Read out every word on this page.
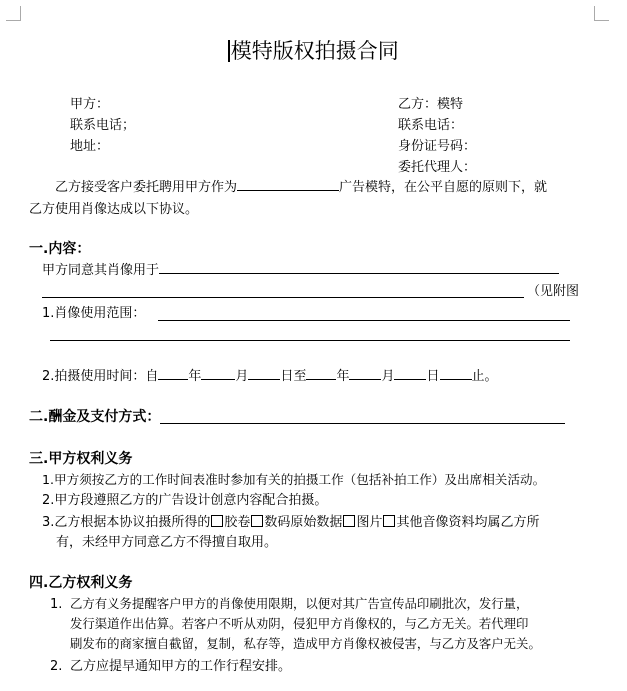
模特版权拍摄合同
甲方：
联系电话；
地址：
乙方：模特
联系电话：
身份证号码：
委托代理人：
乙方接受客户委托聘用甲方作为	广告模特，在公平自愿的原则下，就
乙方使用肖像达成以下协议。
一.内容：
甲方同意其肖像用于
（见附图
1.肖像使用范围：
2.拍摄使用时间：自 年	月 日至 年 月 日 止。
二.酬金及支付方式：
三.甲方权利义务
1.甲方须按乙方的工作时间表准时参加有关的拍摄工作（包括补拍工作）及出席相关活动。
2.甲方段遵照乙方的广告设计创意内容配合拍摄。
3.乙方根据本协议拍摄所得的 胶卷 数码原始数据 图片 其他音像资料均属乙方所
有，未经甲方同意乙方不得擅自取用。
四.乙方权利义务
1. 乙方有义务提醒客户甲方的肖像使用限期，以便对其广告宣传品印刷批次，发行量，
发行渠道作出估算。若客户不听从劝阴，侵犯甲方肖像权的，与乙方无关。若代理印
刷发布的商家擅自截留，复制，私存等，造成甲方肖像权被侵害，与乙方及客户无关。
2. 乙方应提早通知甲方的工作行程安排。
